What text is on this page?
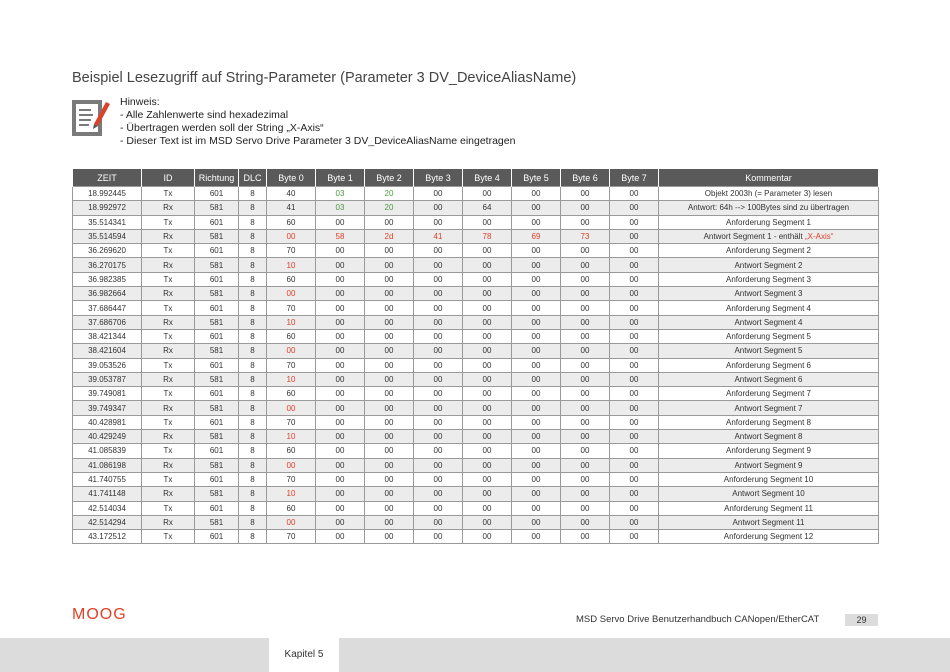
Beispiel Lesezugriff auf String-Parameter (Parameter 3 DV_DeviceAliasName)
Hinweis:
- Alle Zahlenwerte sind hexadezimal
- Übertragen werden soll der String „X-Axis“
- Dieser Text ist im MSD Servo Drive Parameter 3 DV_DeviceAliasName eingetragen
ZEIT	ID	Richtung	DLC	Byte 0	Byte 1	Byte 2	Byte 3	Byte 4	Byte 5	Byte 6	Byte 7	Kommentar
18.992445	Tx	601	8	40	03	20	00	00	00	00	00	Objekt 2003h (= Parameter 3) lesen
18.992972	Rx	581	8	41	03	20	00	64	00	00	00	Antwort: 64h --> 100Bytes sind zu übertragen
35.514341	Tx	601	8	60	00	00	00	00	00	00	00	Anforderung Segment 1
35.514594	Rx	581	8	00	58	2d	41	78	69	73	00	Antwort Segment 1 - enthält „X-Axis“
36.269620	Tx	601	8	70	00	00	00	00	00	00	00	Anforderung Segment 2
36.270175	Rx	581	8	10	00	00	00	00	00	00	00	Antwort Segment 2
36.982385	Tx	601	8	60	00	00	00	00	00	00	00	Anforderung Segment 3
36.982664	Rx	581	8	00	00	00	00	00	00	00	00	Antwort Segment 3
37.686447	Tx	601	8	70	00	00	00	00	00	00	00	Anforderung Segment 4
37.686706	Rx	581	8	10	00	00	00	00	00	00	00	Antwort Segment 4
38.421344	Tx	601	8	60	00	00	00	00	00	00	00	Anforderung Segment 5
38.421604	Rx	581	8	00	00	00	00	00	00	00	00	Antwort Segment 5
39.053526	Tx	601	8	70	00	00	00	00	00	00	00	Anforderung Segment 6
39.053787	Rx	581	8	10	00	00	00	00	00	00	00	Antwort Segment 6
39.749081	Tx	601	8	60	00	00	00	00	00	00	00	Anforderung Segment 7
39.749347	Rx	581	8	00	00	00	00	00	00	00	00	Antwort Segment 7
40.428981	Tx	601	8	70	00	00	00	00	00	00	00	Anforderung Segment 8
40.429249	Rx	581	8	10	00	00	00	00	00	00	00	Antwort Segment 8
41.085839	Tx	601	8	60	00	00	00	00	00	00	00	Anforderung Segment 9
41.086198	Rx	581	8	00	00	00	00	00	00	00	00	Antwort Segment 9
41.740755	Tx	601	8	70	00	00	00	00	00	00	00	Anforderung Segment 10
41.741148	Rx	581	8	10	00	00	00	00	00	00	00	Antwort Segment 10
42.514034	Tx	601	8	60	00	00	00	00	00	00	00	Anforderung Segment 11
42.514294	Rx	581	8	00	00	00	00	00	00	00	00	Antwort Segment 11
43.172512	Tx	601	8	70	00	00	00	00	00	00	00	Anforderung Segment 12
MOOG	MSD Servo Drive Benutzerhandbuch CANopen/EtherCAT	29
Kapitel 5
